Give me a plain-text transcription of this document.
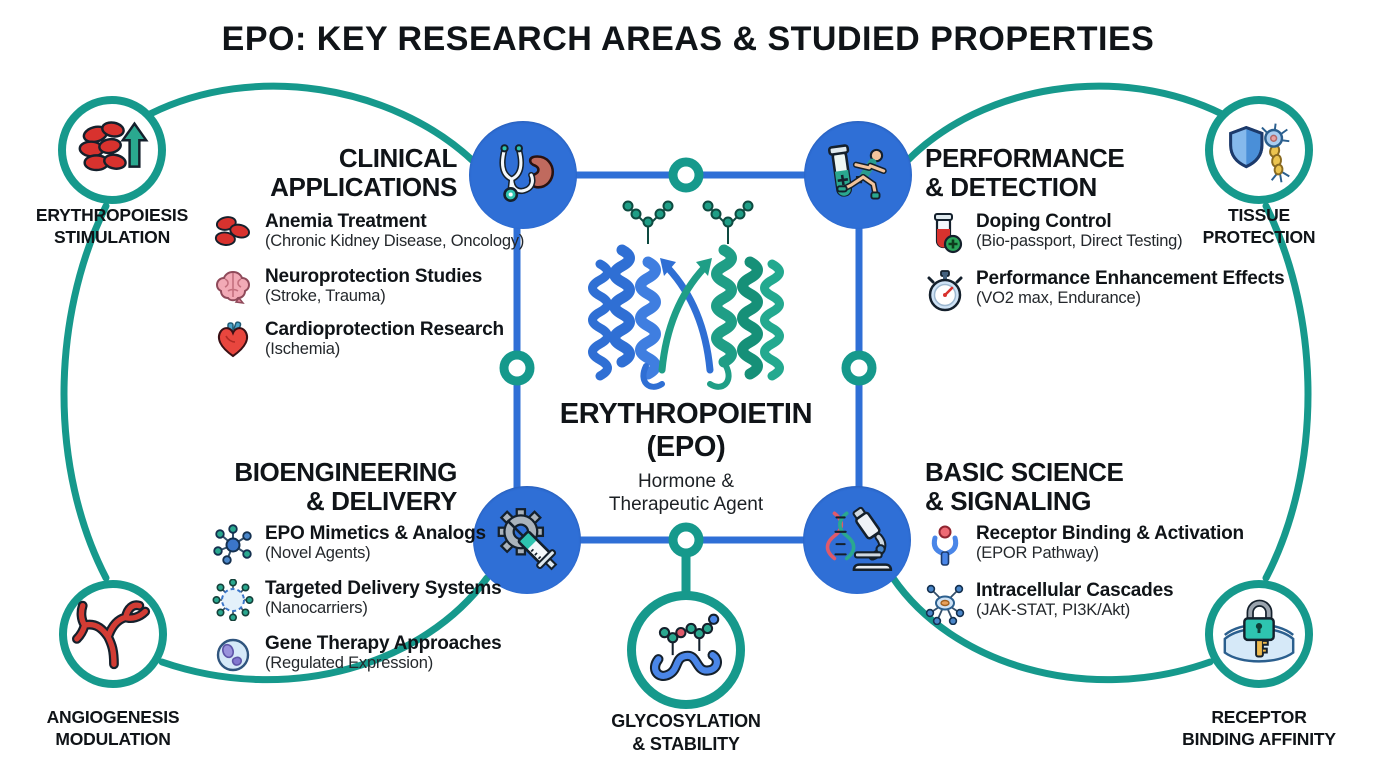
EPO: KEY RESEARCH AREAS & STUDIED PROPERTIES
ERYTHROPOIETIN
(EPO)
Hormone &
Therapeutic Agent
ERYTHROPOIESIS
STIMULATION
TISSUE
PROTECTION
ANGIOGENESIS
MODULATION
RECEPTOR
BINDING AFFINITY
GLYCOSYLATION
& STABILITY
CLINICAL
APPLICATIONS
Anemia Treatment
(Chronic Kidney Disease, Oncology)
Neuroprotection Studies
(Stroke, Trauma)
Cardioprotection Research
(Ischemia)
PERFORMANCE
& DETECTION
Doping Control
(Bio-passport, Direct Testing)
Performance Enhancement Effects
(VO2 max, Endurance)
BIOENGINEERING
& DELIVERY
EPO Mimetics & Analogs
(Novel Agents)
Targeted Delivery Systems
(Nanocarriers)
Gene Therapy Approaches
(Regulated Expression)
BASIC SCIENCE
& SIGNALING
Receptor Binding & Activation
(EPOR Pathway)
Intracellular Cascades
(JAK-STAT, PI3K/Akt)
